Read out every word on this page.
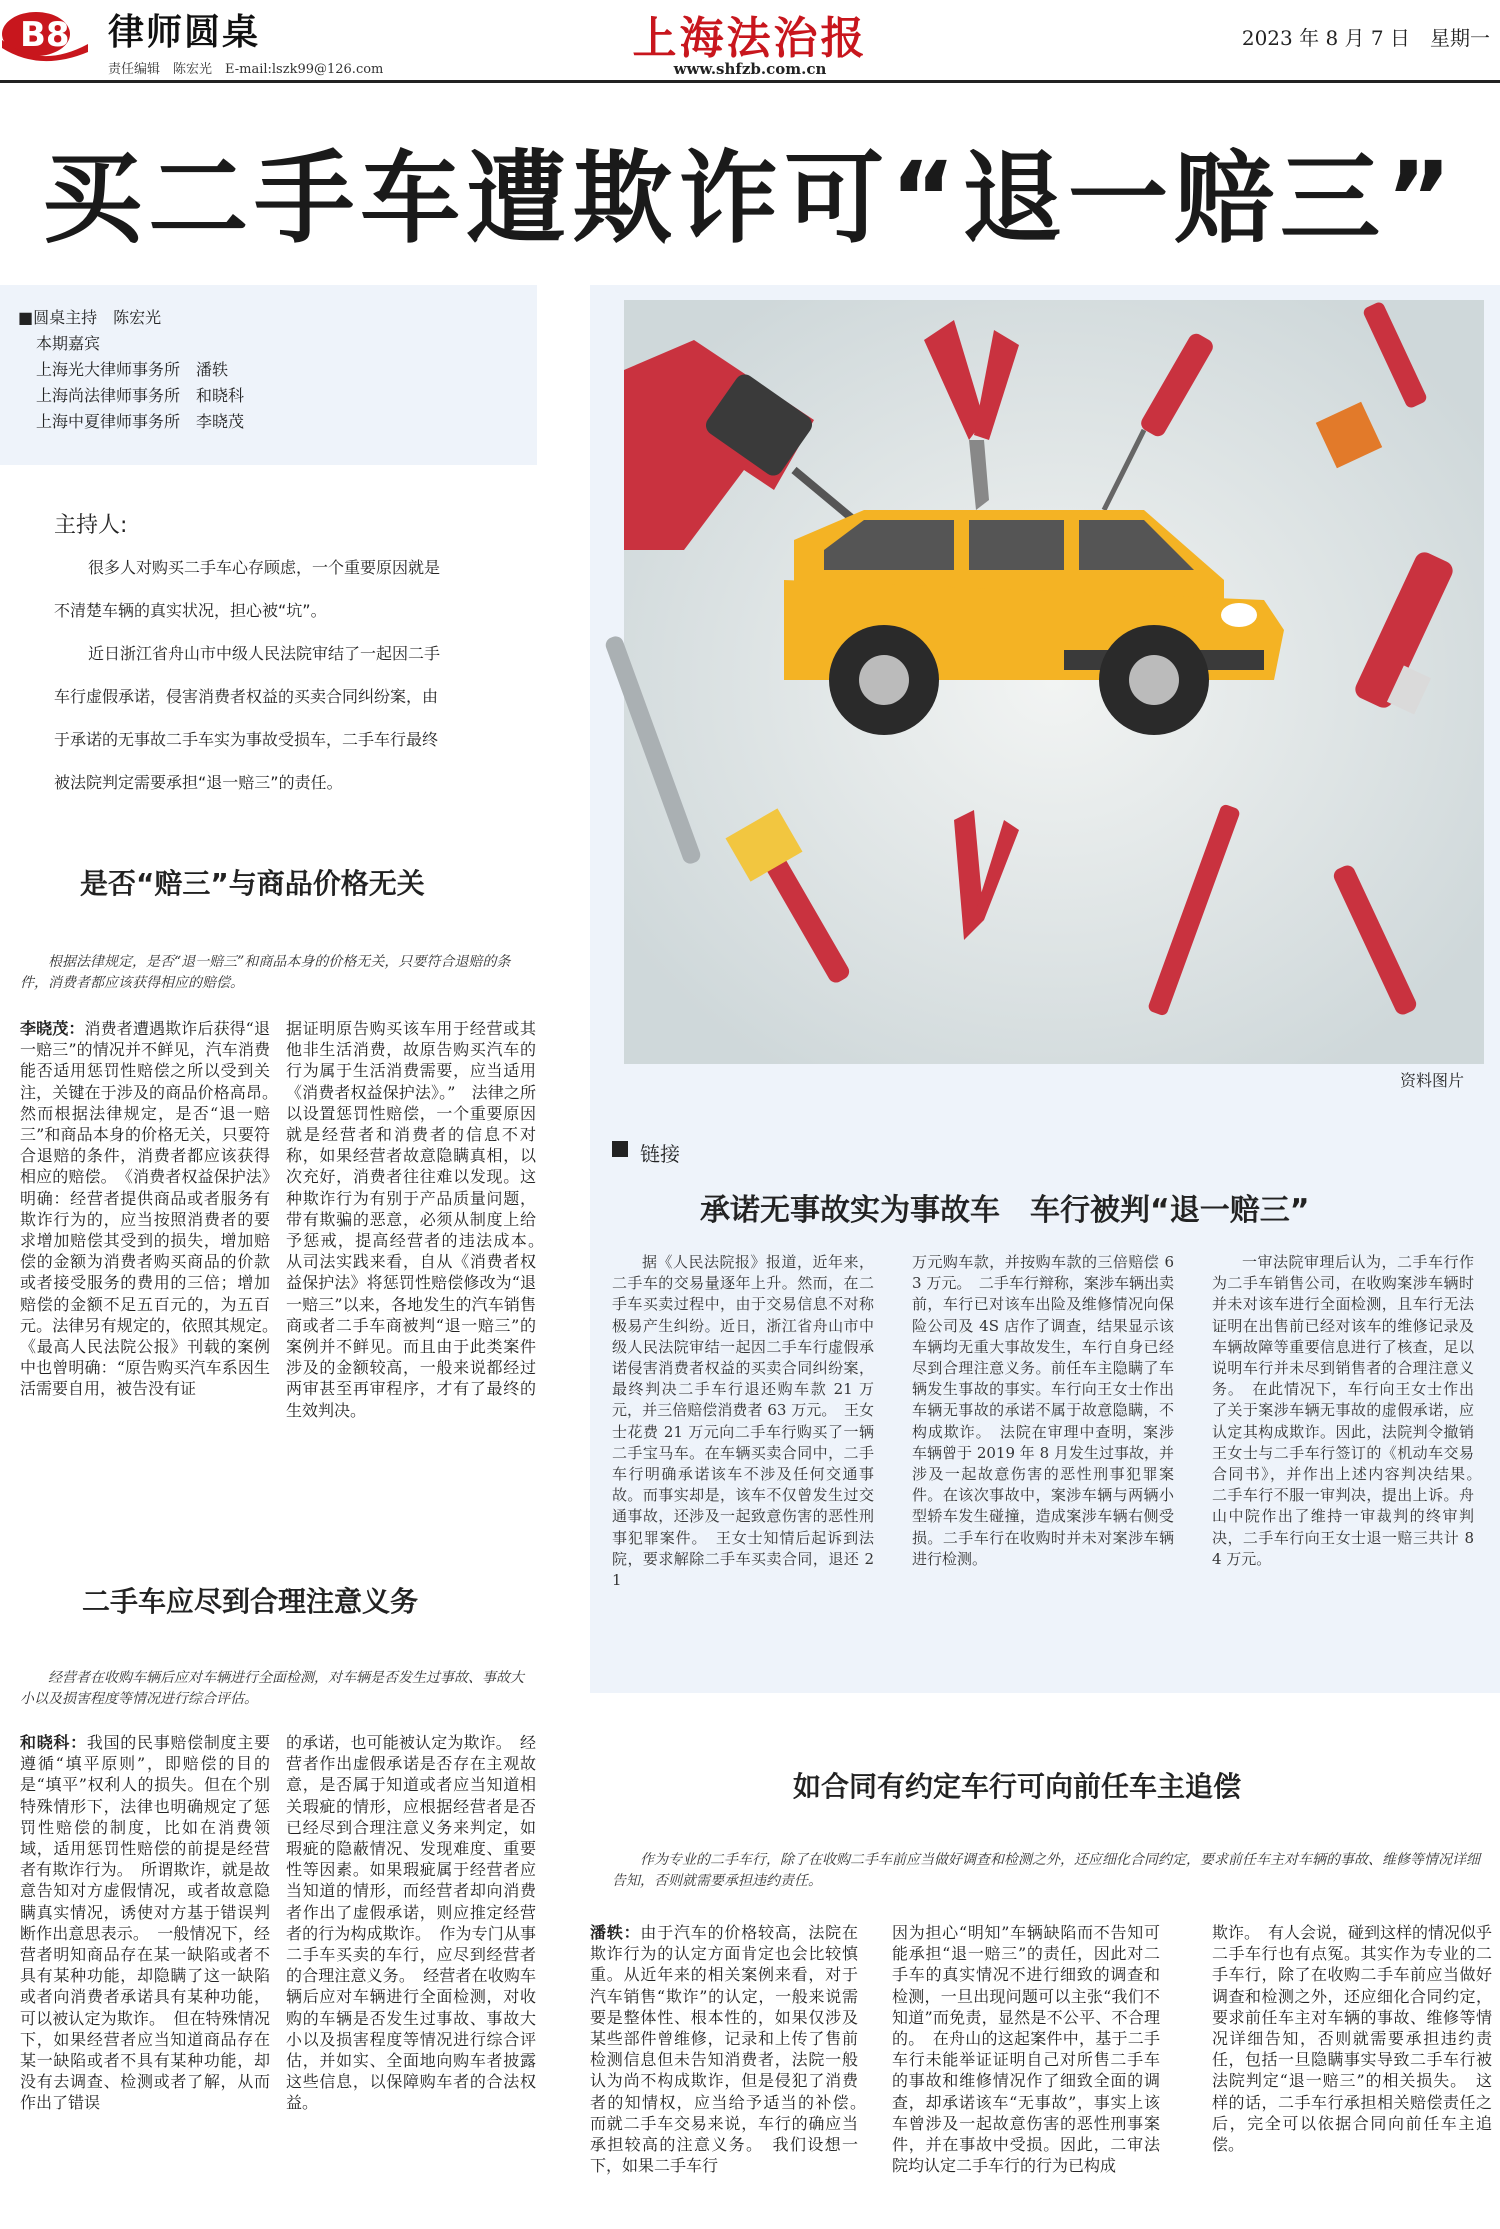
B8 律师圆桌
责任编辑　陈宏光　E-mail:lszk99@126.com
上海法治报
www.shfzb.com.cn
2023 年 8 月 7 日　星期一
买二手车遭欺诈可“退一赔三”
■圆桌主持　陈宏光
本期嘉宾
上海光大律师事务所　潘轶
上海尚法律师事务所　和晓科
上海中夏律师事务所　李晓茂
主持人:
很多人对购买二手车心存顾虑，一个重要原因就是
不清楚车辆的真实状况，担心被“坑”。
近日浙江省舟山市中级人民法院审结了一起因二手
车行虚假承诺，侵害消费者权益的买卖合同纠纷案，由
于承诺的无事故二手车实为事故受损车，二手车行最终
被法院判定需要承担“退一赔三”的责任。
是否“赔三”与商品价格无关
根据法律规定，是否“退一赔三”和商品本身的价格无关，只要符合退赔的条件，消费者都应该获得相应的赔偿。
李晓茂：消费者遭遇欺诈后获得“退一赔三”的情况并不鲜见，汽车消费能否适用惩罚性赔偿之所以受到关注，关键在于涉及的商品价格高昂。　然而根据法律规定，是否“退一赔三”和商品本身的价格无关，只要符合退赔的条件，消费者都应该获得相应的赔偿。　《消费者权益保护法》明确：经营者提供商品或者服务有欺诈行为的，应当按照消费者的要求增加赔偿其受到的损失，增加赔偿的金额为消费者购买商品的价款或者接受服务的费用的三倍；增加赔偿的金额不足五百元的，为五百元。法律另有规定的，依照其规定。　《最高人民法院公报》刊载的案例中也曾明确：“原告购买汽车系因生活需要自用，被告没有证
据证明原告购买该车用于经营或其他非生活消费，故原告购买汽车的行为属于生活消费需要，应当适用《消费者权益保护法》。”　法律之所以设置惩罚性赔偿，一个重要原因就是经营者和消费者的信息不对称，如果经营者故意隐瞒真相，以次充好，消费者往往难以发现。这种欺诈行为有别于产品质量问题，带有欺骗的恶意，必须从制度上给予惩戒，提高经营者的违法成本。　从司法实践来看，自从《消费者权益保护法》将惩罚性赔偿修改为“退一赔三”以来，各地发生的汽车销售商或者二手车商被判“退一赔三”的案例并不鲜见。而且由于此类案件涉及的金额较高，一般来说都经过两审甚至再审程序，才有了最终的生效判决。
二手车应尽到合理注意义务
经营者在收购车辆后应对车辆进行全面检测，对车辆是否发生过事故、事故大小以及损害程度等情况进行综合评估。
和晓科：我国的民事赔偿制度主要遵循“填平原则”，即赔偿的目的是“填平”权利人的损失。但在个别特殊情形下，法律也明确规定了惩罚性赔偿的制度，比如在消费领域，适用惩罚性赔偿的前提是经营者有欺诈行为。　所谓欺诈，就是故意告知对方虚假情况，或者故意隐瞒真实情况，诱使对方基于错误判断作出意思表示。　一般情况下，经营者明知商品存在某一缺陷或者不具有某种功能，却隐瞒了这一缺陷或者向消费者承诺具有某种功能，可以被认定为欺诈。　但在特殊情况下，如果经营者应当知道商品存在某一缺陷或者不具有某种功能，却没有去调查、检测或者了解，从而作出了错误
的承诺，也可能被认定为欺诈。　经营者作出虚假承诺是否存在主观故意，是否属于知道或者应当知道相关瑕疵的情形，应根据经营者是否已经尽到合理注意义务来判定，如瑕疵的隐蔽情况、发现难度、重要性等因素。如果瑕疵属于经营者应当知道的情形，而经营者却向消费者作出了虚假承诺，则应推定经营者的行为构成欺诈。　作为专门从事二手车买卖的车行，应尽到经营者的合理注意义务。　经营者在收购车辆后应对车辆进行全面检测，对收购的车辆是否发生过事故、事故大小以及损害程度等情况进行综合评估，并如实、全面地向购车者披露这些信息，以保障购车者的合法权益。
资料图片
链接
承诺无事故实为事故车　车行被判“退一赔三”
据《人民法院报》报道，近年来，二手车的交易量逐年上升。然而，在二手车买卖过程中，由于交易信息不对称极易产生纠纷。近日，浙江省舟山市中级人民法院审结一起因二手车行虚假承诺侵害消费者权益的买卖合同纠纷案，最终判决二手车行退还购车款 21 万元，并三倍赔偿消费者 63 万元。　王女士花费 21 万元向二手车行购买了一辆二手宝马车。在车辆买卖合同中，二手车行明确承诺该车不涉及任何交通事故。而事实却是，该车不仅曾发生过交通事故，还涉及一起致意伤害的恶性刑事犯罪案件。　王女士知情后起诉到法院，要求解除二手车买卖合同，退还 21
万元购车款，并按购车款的三倍赔偿 63 万元。　二手车行辩称，案涉车辆出卖前，车行已对该车出险及维修情况向保险公司及 4S 店作了调查，结果显示该车辆均无重大事故发生，车行自身已经尽到合理注意义务。前任车主隐瞒了车辆发生事故的事实。车行向王女士作出车辆无事故的承诺不属于故意隐瞒，不构成欺诈。　法院在审理中查明，案涉车辆曾于 2019 年 8 月发生过事故，并涉及一起故意伤害的恶性刑事犯罪案件。在该次事故中，案涉车辆与两辆小型轿车发生碰撞，造成案涉车辆右侧受损。二手车行在收购时并未对案涉车辆进行检测。
一审法院审理后认为，二手车行作为二手车销售公司，在收购案涉车辆时并未对该车进行全面检测，且车行无法证明在出售前已经对该车的维修记录及车辆故障等重要信息进行了核查，足以说明车行并未尽到销售者的合理注意义务。　在此情况下，车行向王女士作出了关于案涉车辆无事故的虚假承诺，应认定其构成欺诈。因此，法院判令撤销王女士与二手车行签订的《机动车交易合同书》，并作出上述内容判决结果。　二手车行不服一审判决，提出上诉。舟山中院作出了维持一审裁判的终审判决，二手车行向王女士退一赔三共计 84 万元。
如合同有约定车行可向前任车主追偿
作为专业的二手车行，除了在收购二手车前应当做好调查和检测之外，还应细化合同约定，要求前任车主对车辆的事故、维修等情况详细告知，否则就需要承担违约责任。
潘轶：由于汽车的价格较高，法院在欺诈行为的认定方面肯定也会比较慎重。从近年来的相关案例来看，对于汽车销售“欺诈”的认定，一般来说需要是整体性、根本性的，如果仅涉及某些部件曾维修，记录和上传了售前检测信息但未告知消费者，法院一般认为尚不构成欺诈，但是侵犯了消费者的知情权，应当给予适当的补偿。　而就二手车交易来说，车行的确应当承担较高的注意义务。　我们设想一下，如果二手车行
因为担心“明知”车辆缺陷而不告知可能承担“退一赔三”的责任，因此对二手车的真实情况不进行细致的调查和检测，一旦出现问题可以主张“我们不知道”而免责，显然是不公平、不合理的。　在舟山的这起案件中，基于二手车行未能举证证明自己对所售二手车的事故和维修情况作了细致全面的调查，却承诺该车“无事故”，事实上该车曾涉及一起故意伤害的恶性刑事案件，并在事故中受损。因此，二审法院均认定二手车行的行为已构成
欺诈。　有人会说，碰到这样的情况似乎二手车行也有点冤。其实作为专业的二手车行，除了在收购二手车前应当做好调查和检测之外，还应细化合同约定，要求前任车主对车辆的事故、维修等情况详细告知，否则就需要承担违约责任，包括一旦隐瞒事实导致二手车行被法院判定“退一赔三”的相关损失。　这样的话，二手车行承担相关赔偿责任之后，完全可以依据合同向前任车主追偿。
